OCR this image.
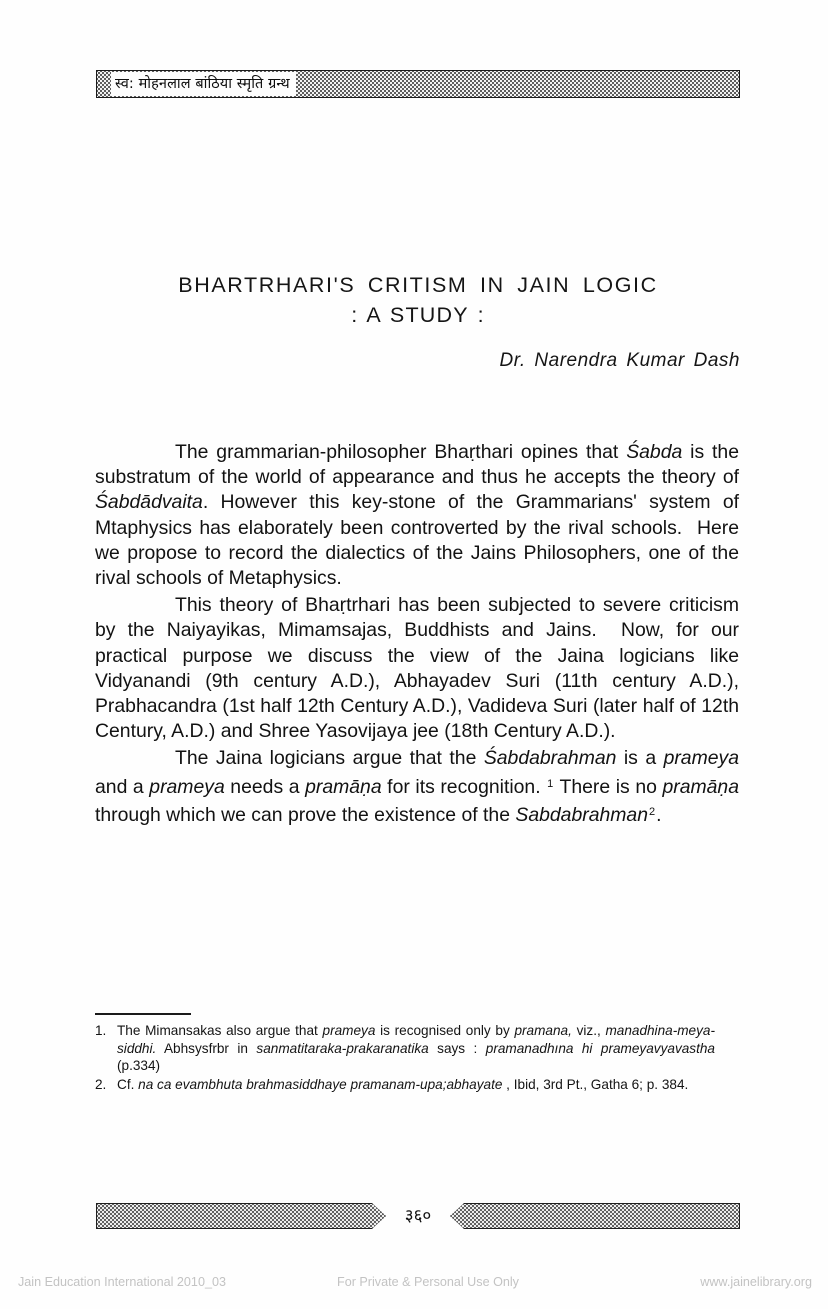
स्व: मोहनलाल बांठिया स्मृति ग्रन्थ
BHARTRHARI'S CRITISM IN JAIN LOGIC
: A STUDY :
Dr. Narendra Kumar Dash

The grammarian-philosopher Bhaṛthari opines that Śabda is the substratum of the world of appearance and thus he accepts the theory of Śabdādvaita. However this key-stone of the Grammarians' system of Mtaphysics has elaborately been controverted by the rival schools.  Here we propose to record the dialectics of the Jains Philosophers, one of the rival schools of Metaphysics.

This theory of Bhaṛtrhari has been subjected to severe criticism by the Naiyayikas, Mimamsajas, Buddhists and Jains.  Now, for our practical purpose we discuss the view of the Jaina logicians like Vidyanandi (9th century A.D.), Abhayadev Suri (11th century A.D.), Prabhacandra (1st half 12th Century A.D.), Vadideva Suri (later half of 12th Century, A.D.) and Shree Yasovijaya jee (18th Century A.D.).

The Jaina logicians argue that the Śabdabrahman is a prameya and a prameya needs a pramāṇa for its recognition. $^1$ There is no pramāṇa through which we can prove the existence of the Sabdabrahman$^2$.

1. The Mimansakas also argue that prameya is recognised only by pramana, viz., manadhina-meya-siddhi. Abhsysfrbr in sanmatitaraka-prakaranatika says : pramanadhına hi prameyavyavastha (p.334)
2. Cf. na ca evambhuta brahmasiddhaye pramanam-upa;abhayate , Ibid, 3rd Pt., Gatha 6; p. 384.
३६०
Jain Education International 2010_03	For Private & Personal Use Only	www.jainelibrary.org
